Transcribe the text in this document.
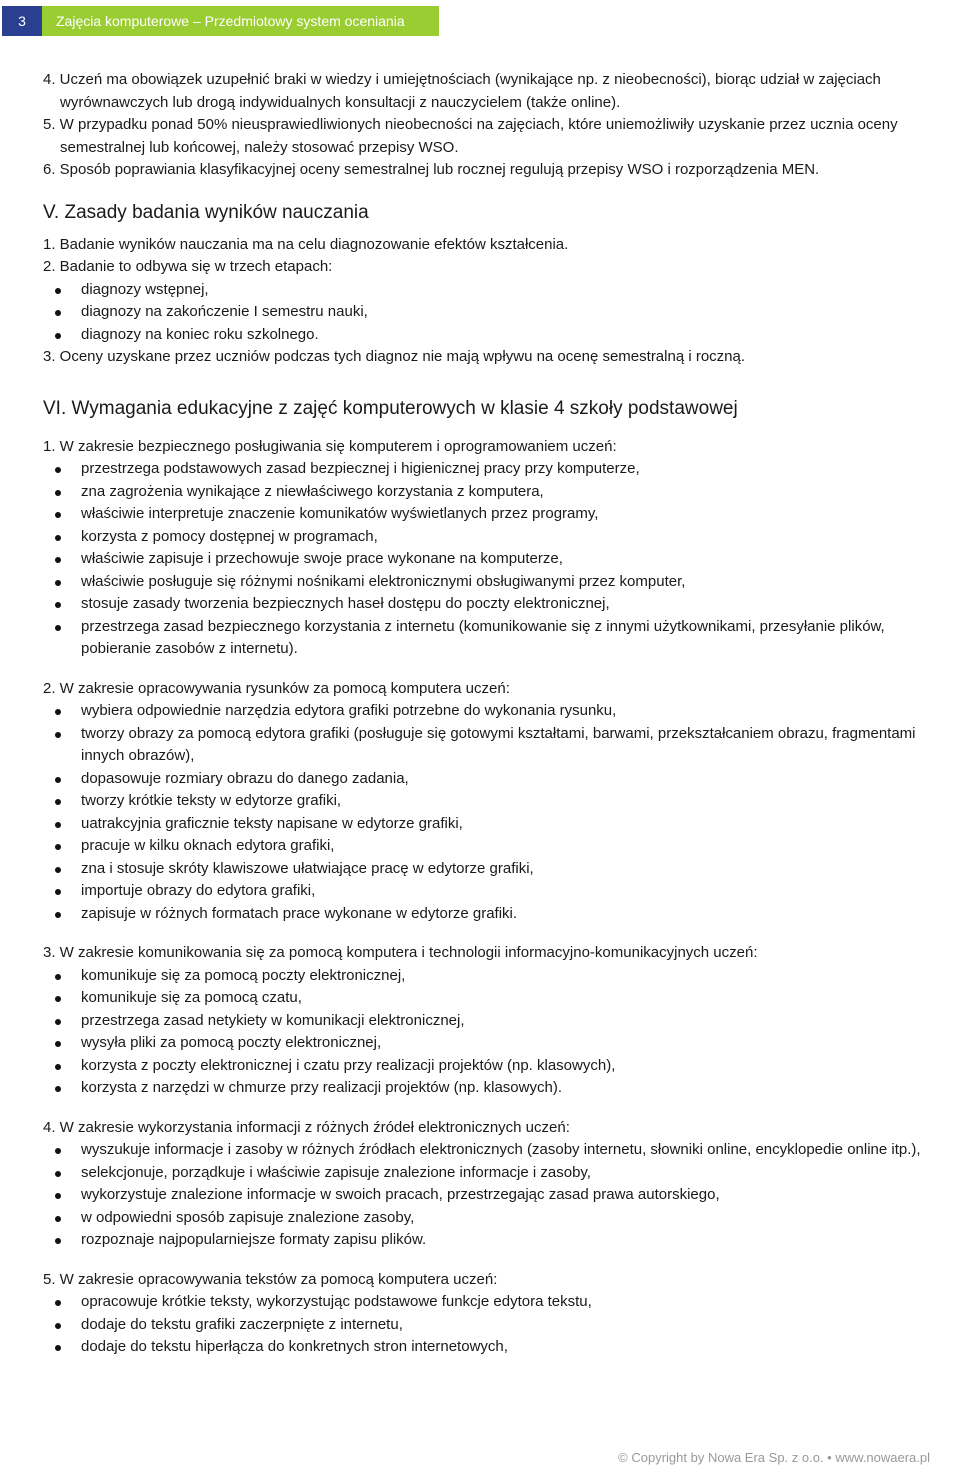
3	Zajęcia komputerowe – Przedmiotowy system oceniania

4. Uczeń ma obowiązek uzupełnić braki w wiedzy i umiejętnościach (wynikające np. z nieobecności), biorąc udział w zajęciach wyrównawczych lub drogą indywidualnych konsultacji z nauczycielem (także online).

5. W przypadku ponad 50% nieusprawiedliwionych nieobecności na zajęciach, które uniemożliwiły uzyskanie przez ucznia oceny semestralnej lub końcowej, należy stosować przepisy WSO.

6. Sposób poprawiania klasyfikacyjnej oceny semestralnej lub rocznej regulują przepisy WSO i rozporządzenia MEN.

V. Zasady badania wyników nauczania

1. Badanie wyników nauczania ma na celu diagnozowanie efektów kształcenia.

2. Badanie to odbywa się w trzech etapach:

diagnozy wstępnej,
diagnozy na zakończenie I semestru nauki,
diagnozy na koniec roku szkolnego.

3. Oceny uzyskane przez uczniów podczas tych diagnoz nie mają wpływu na ocenę semestralną i roczną.

VI. Wymagania edukacyjne z zajęć komputerowych w klasie 4 szkoły podstawowej

1. W zakresie bezpiecznego posługiwania się komputerem i oprogramowaniem uczeń:

przestrzega podstawowych zasad bezpiecznej i higienicznej pracy przy komputerze,
zna zagrożenia wynikające z niewłaściwego korzystania z komputera,
właściwie interpretuje znaczenie komunikatów wyświetlanych przez programy,
korzysta z pomocy dostępnej w programach,
właściwie zapisuje i przechowuje swoje prace wykonane na komputerze,
właściwie posługuje się różnymi nośnikami elektronicznymi obsługiwanymi przez komputer,
stosuje zasady tworzenia bezpiecznych haseł dostępu do poczty elektronicznej,
przestrzega zasad bezpiecznego korzystania z internetu (komunikowanie się z innymi użytkownikami, przesyłanie plików, pobieranie zasobów z internetu).

2. W zakresie opracowywania rysunków za pomocą komputera uczeń:

wybiera odpowiednie narzędzia edytora grafiki potrzebne do wykonania rysunku,
tworzy obrazy za pomocą edytora grafiki (posługuje się gotowymi kształtami, barwami, przekształcaniem obrazu, fragmentami innych obrazów),
dopasowuje rozmiary obrazu do danego zadania,
tworzy krótkie teksty w edytorze grafiki,
uatrakcyjnia graficznie teksty napisane w edytorze grafiki,
pracuje w kilku oknach edytora grafiki,
zna i stosuje skróty klawiszowe ułatwiające pracę w edytorze grafiki,
importuje obrazy do edytora grafiki,
zapisuje w różnych formatach prace wykonane w edytorze grafiki.

3. W zakresie komunikowania się za pomocą komputera i technologii informacyjno-komunikacyjnych uczeń:

komunikuje się za pomocą poczty elektronicznej,
komunikuje się za pomocą czatu,
przestrzega zasad netykiety w komunikacji elektronicznej,
wysyła pliki za pomocą poczty elektronicznej,
korzysta z poczty elektronicznej i czatu przy realizacji projektów (np. klasowych),
korzysta z narzędzi w chmurze przy realizacji projektów (np. klasowych).

4. W zakresie wykorzystania informacji z różnych źródeł elektronicznych uczeń:

wyszukuje informacje i zasoby w różnych źródłach elektronicznych (zasoby internetu, słowniki online, encyklopedie online itp.),
selekcjonuje, porządkuje i właściwie zapisuje znalezione informacje i zasoby,
wykorzystuje znalezione informacje w swoich pracach, przestrzegając zasad prawa autorskiego,
w odpowiedni sposób zapisuje znalezione zasoby,
rozpoznaje najpopularniejsze formaty zapisu plików.

5. W zakresie opracowywania tekstów za pomocą komputera uczeń:

opracowuje krótkie teksty, wykorzystując podstawowe funkcje edytora tekstu,
dodaje do tekstu grafiki zaczerpnięte z internetu,
dodaje do tekstu hiperłącza do konkretnych stron internetowych,
© Copyright by Nowa Era Sp. z o.o. • www.nowaera.pl
